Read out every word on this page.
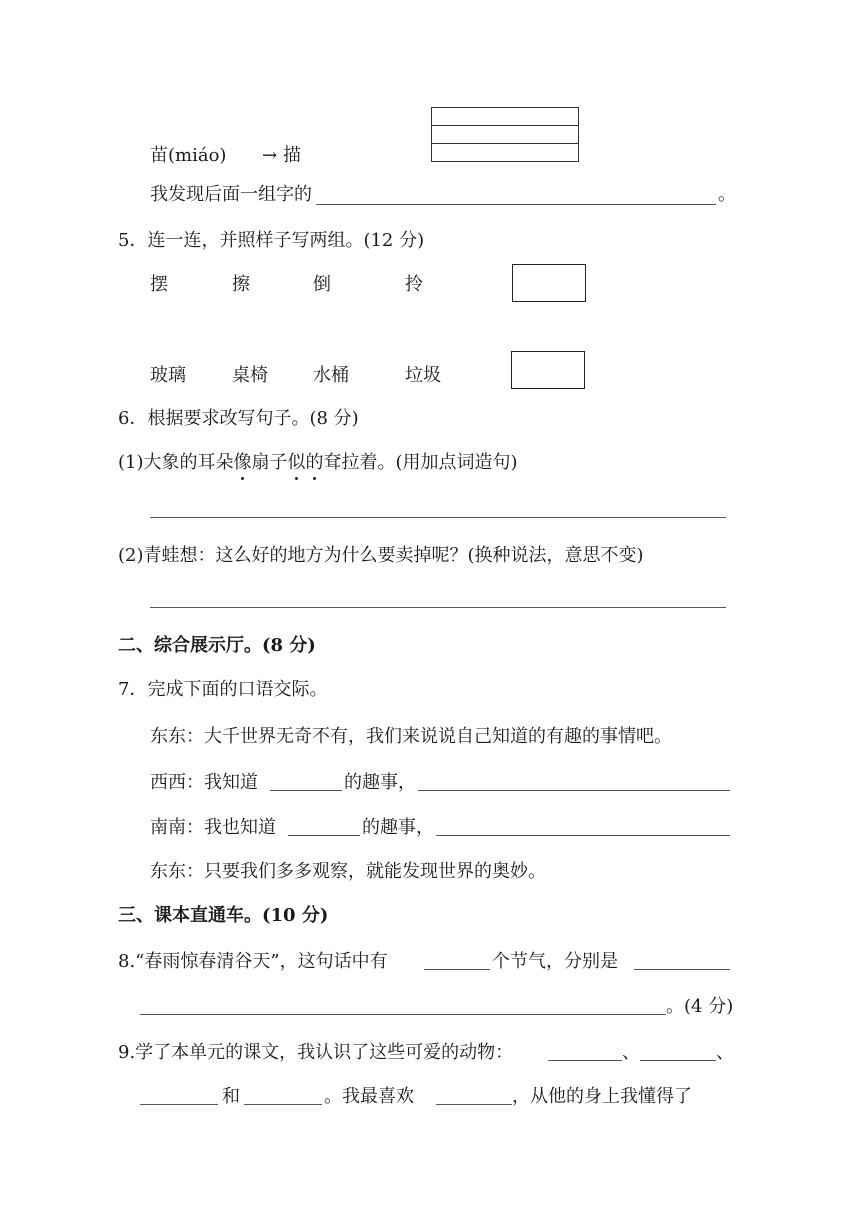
苗(miáo) → 描
我发现后面一组字的	。
5．连一连，并照样子写两组。(12 分)
摆	擦	倒	拎
玻璃	桌椅	水桶	垃圾
6．根据要求改写句子。(8 分)
(1)大象的耳朵像扇子似的耷拉着。(用加点词造句)
(2)青蛙想：这么好的地方为什么要卖掉呢？(换种说法，意思不变)
二、综合展示厅。(8 分)
7．完成下面的口语交际。
东东：大千世界无奇不有，我们来说说自己知道的有趣的事情吧。
西西：我知道	的趣事，
南南：我也知道	的趣事，
东东：只要我们多多观察，就能发现世界的奥妙。
三、课本直通车。(10 分)
8.“春雨惊春清谷天”，这句话中有	个节气，分别是
。(4 分)
9.学了本单元的课文，我认识了这些可爱的动物：	、	、
和	。我最喜欢	，从他的身上我懂得了
